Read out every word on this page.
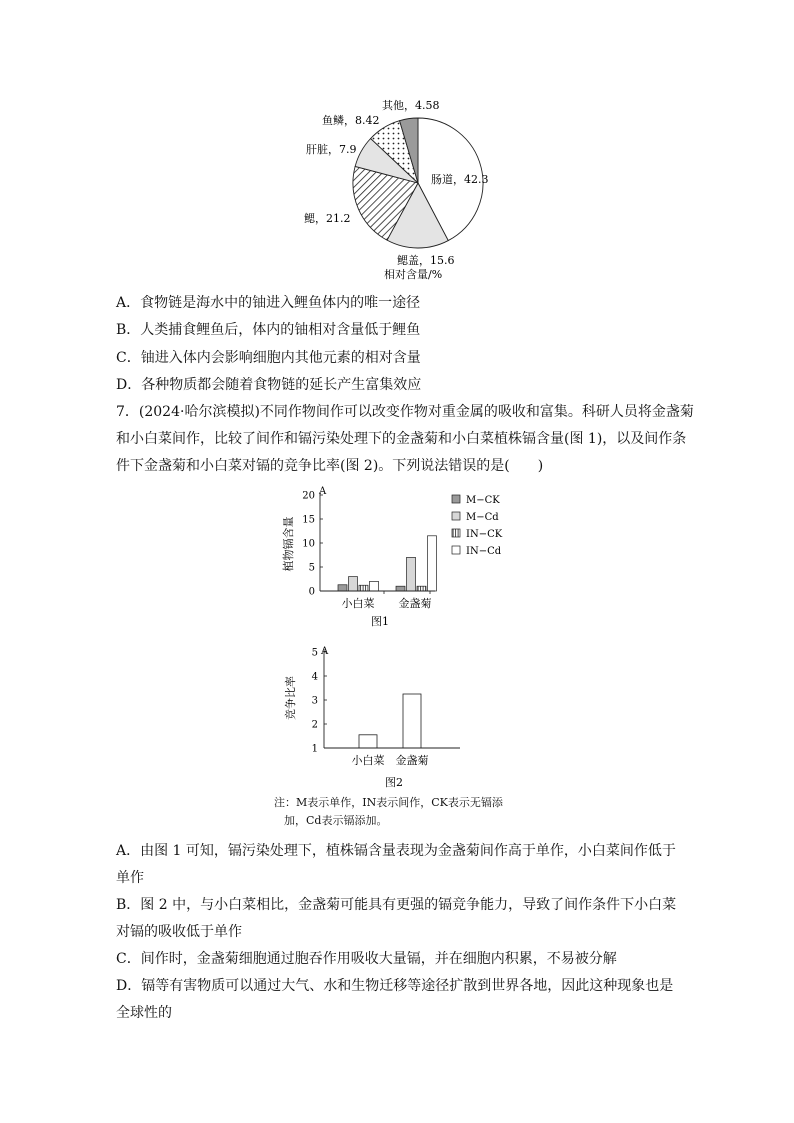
其他，4.58
鱼鳞，8.42
肝脏，7.9
肠道，42.3
鳃，21.2
鳃盖，15.6
相对含量/%
A．食物链是海水中的铀进入鲤鱼体内的唯一途径
B．人类捕食鲤鱼后，体内的铀相对含量低于鲤鱼
C．铀进入体内会影响细胞内其他元素的相对含量
D．各种物质都会随着食物链的延长产生富集效应
7．(2024·哈尔滨模拟)不同作物间作可以改变作物对重金属的吸收和富集。科研人员将金盏菊
和小白菜间作，比较了间作和镉污染处理下的金盏菊和小白菜植株镉含量(图 1)，以及间作条
件下金盏菊和小白菜对镉的竞争比率(图 2)。下列说法错误的是(　　)
植物镉含量
A
0
5
10
15
20
小白菜 金盏菊
图1
M−CK
M−Cd
IN−CK
IN−Cd
竞争比率
A
1
2
3
4
5
小白菜 金盏菊
图2
注：M表示单作，IN表示间作，CK表示无镉添
加，Cd表示镉添加。
A．由图 1 可知，镉污染处理下，植株镉含量表现为金盏菊间作高于单作，小白菜间作低于
单作
B．图 2 中，与小白菜相比，金盏菊可能具有更强的镉竞争能力，导致了间作条件下小白菜
对镉的吸收低于单作
C．间作时，金盏菊细胞通过胞吞作用吸收大量镉，并在细胞内积累，不易被分解
D．镉等有害物质可以通过大气、水和生物迁移等途径扩散到世界各地，因此这种现象也是
全球性的
